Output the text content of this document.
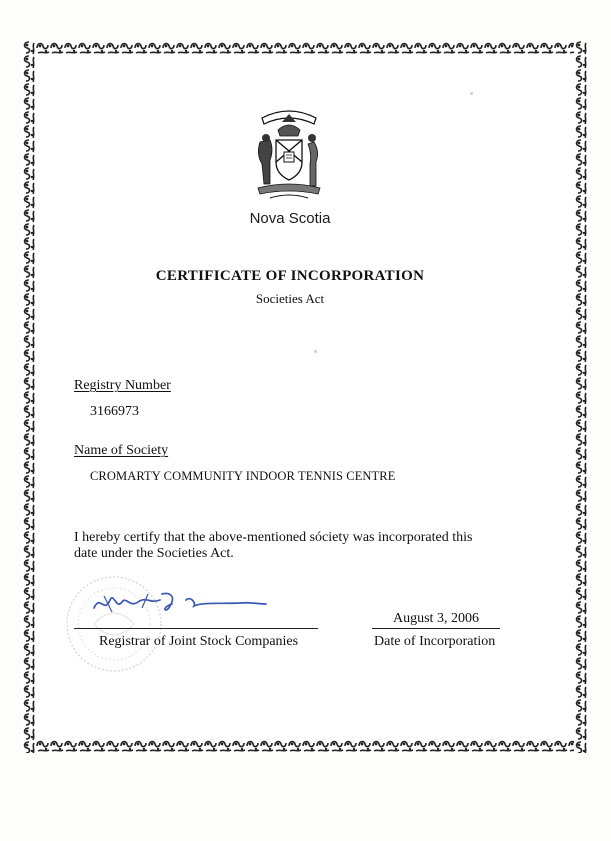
Nova Scotia
CERTIFICATE OF INCORPORATION
Societies Act
Registry Number
3166973
Name of Society
CROMARTY COMMUNITY INDOOR TENNIS CENTRE
I hereby certify that the above-mentioned sóciety was incorporated this
date under the Societies Act.
Registrar of Joint Stock Companies
August 3, 2006
Date of Incorporation
